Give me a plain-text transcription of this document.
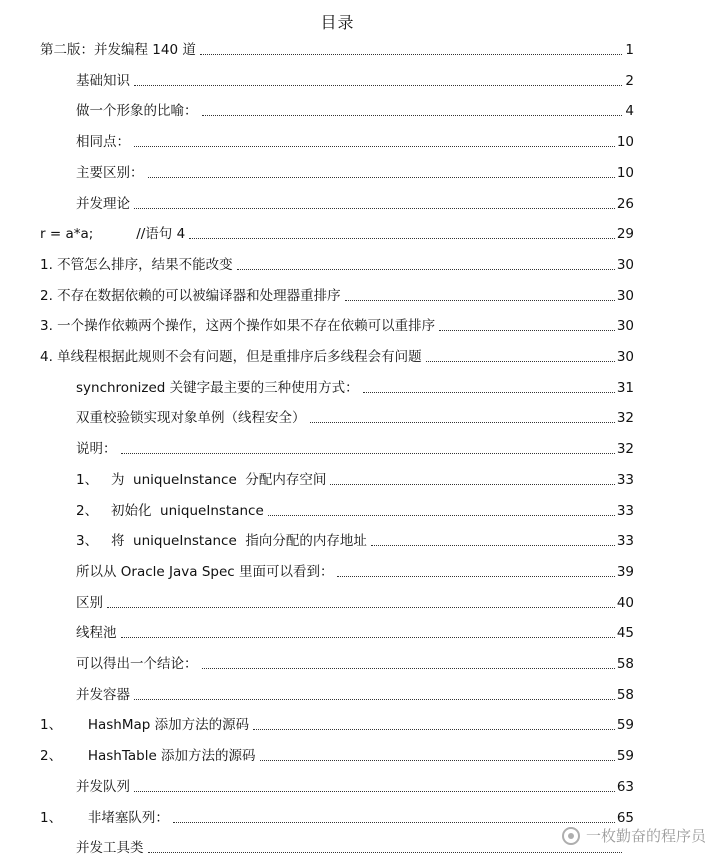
目录
第二版：并发编程 140 道	1
基础知识	2
做一个形象的比喻：	4
相同点：	10
主要区别：	10
并发理论	26
r = a*a;          //语句 4	29
1. 不管怎么排序，结果不能改变	30
2. 不存在数据依赖的可以被编译器和处理器重排序	30
3. 一个操作依赖两个操作，这两个操作如果不存在依赖可以重排序	30
4. 单线程根据此规则不会有问题，但是重排序后多线程会有问题	30
synchronized 关键字最主要的三种使用方式：	31
双重校验锁实现对象单例（线程安全）	32
说明：	32
1、   为  uniqueInstance  分配内存空间	33
2、   初始化  uniqueInstance	33
3、   将  uniqueInstance  指向分配的内存地址	33
所以从 Oracle Java Spec 里面可以看到：	39
区别	40
线程池	45
可以得出一个结论：	58
并发容器	58
1、      HashMap 添加方法的源码	59
2、      HashTable 添加方法的源码	59
并发队列	63
1、      非堵塞队列：	65
并发工具类
一枚勤奋的程序员
